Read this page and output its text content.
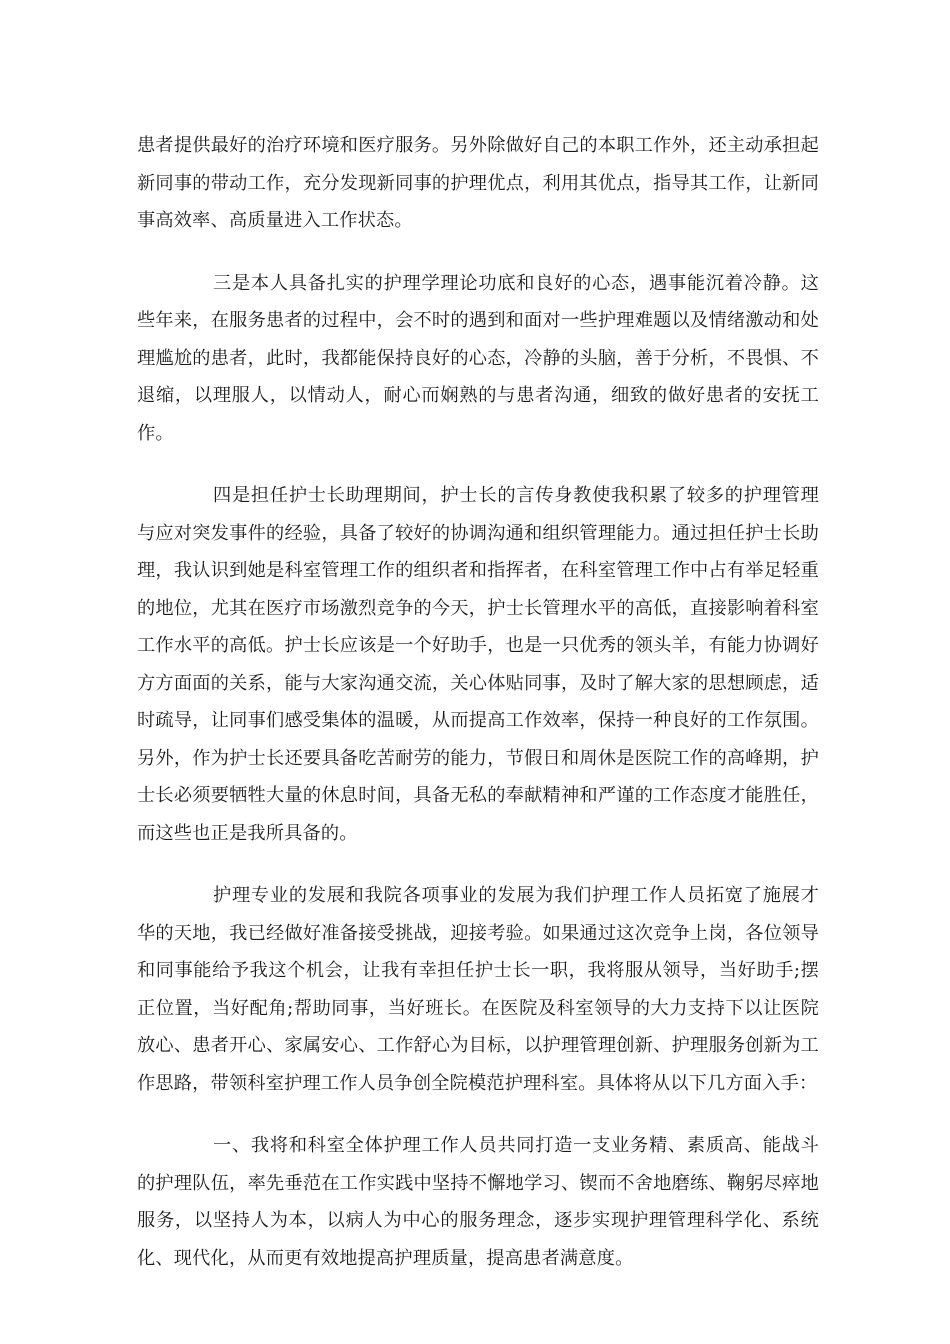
患者提供最好的治疗环境和医疗服务。另外除做好自己的本职工作外，还主动承担起新同事的带动工作，充分发现新同事的护理优点，利用其优点，指导其工作，让新同事高效率、高质量进入工作状态。

三是本人具备扎实的护理学理论功底和良好的心态，遇事能沉着冷静。这些年来，在服务患者的过程中，会不时的遇到和面对一些护理难题以及情绪激动和处理尴尬的患者，此时，我都能保持良好的心态，冷静的头脑，善于分析，不畏惧、不退缩，以理服人，以情动人，耐心而娴熟的与患者沟通，细致的做好患者的安抚工作。

四是担任护士长助理期间，护士长的言传身教使我积累了较多的护理管理与应对突发事件的经验，具备了较好的协调沟通和组织管理能力。通过担任护士长助理，我认识到她是科室管理工作的组织者和指挥者，在科室管理工作中占有举足轻重的地位，尤其在医疗市场激烈竞争的今天，护士长管理水平的高低，直接影响着科室工作水平的高低。护士长应该是一个好助手，也是一只优秀的领头羊，有能力协调好方方面面的关系，能与大家沟通交流，关心体贴同事，及时了解大家的思想顾虑，适时疏导，让同事们感受集体的温暖，从而提高工作效率，保持一种良好的工作氛围。另外，作为护士长还要具备吃苦耐劳的能力，节假日和周休是医院工作的高峰期，护士长必须要牺牲大量的休息时间，具备无私的奉献精神和严谨的工作态度才能胜任，而这些也正是我所具备的。

护理专业的发展和我院各项事业的发展为我们护理工作人员拓宽了施展才华的天地，我已经做好准备接受挑战，迎接考验。如果通过这次竞争上岗，各位领导和同事能给予我这个机会，让我有幸担任护士长一职，我将服从领导，当好助手;摆正位置，当好配角;帮助同事，当好班长。在医院及科室领导的大力支持下以让医院放心、患者开心、家属安心、工作舒心为目标，以护理管理创新、护理服务创新为工作思路，带领科室护理工作人员争创全院模范护理科室。具体将从以下几方面入手：

一、我将和科室全体护理工作人员共同打造一支业务精、素质高、能战斗的护理队伍，率先垂范在工作实践中坚持不懈地学习、锲而不舍地磨练、鞠躬尽瘁地服务，以坚持人为本，以病人为中心的服务理念，逐步实现护理管理科学化、系统化、现代化，从而更有效地提高护理质量，提高患者满意度。
